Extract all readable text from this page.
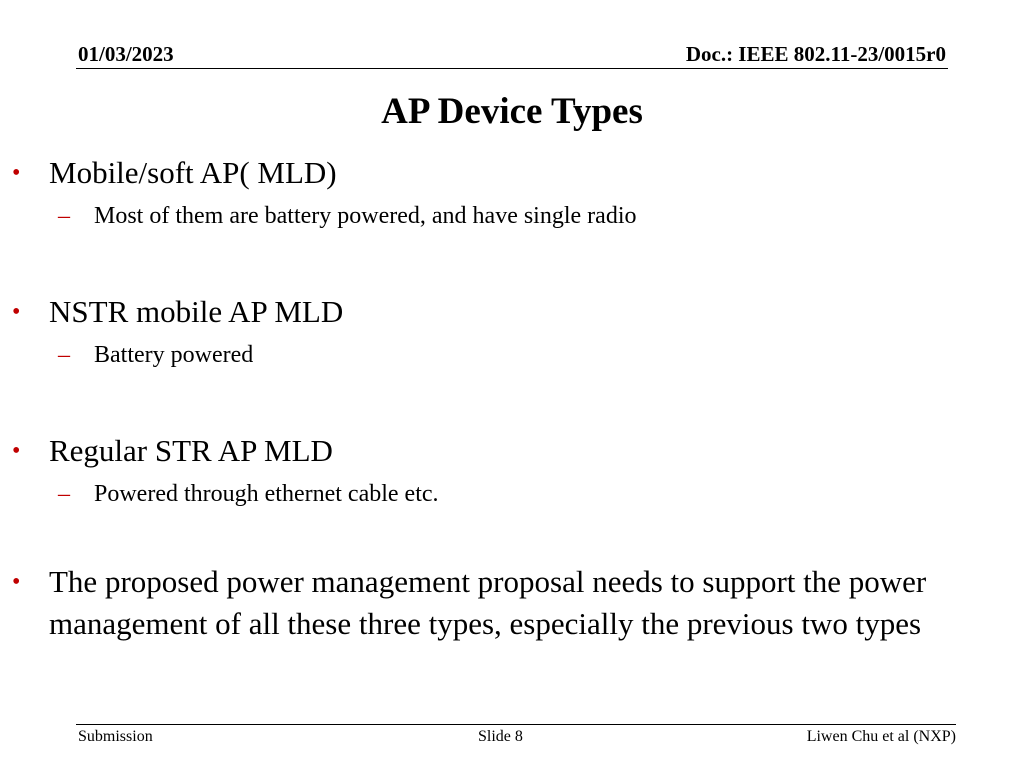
01/03/2023	Doc.: IEEE 802.11-23/0015r0
AP Device Types
• Mobile/soft AP( MLD)
– Most of them are battery powered, and have single radio
• NSTR mobile AP MLD
– Battery powered
• Regular STR AP MLD
– Powered through ethernet cable etc.
• The proposed power management proposal needs to support the power management of all these three types, especially the previous two types
Submission	Slide 8	Liwen Chu et al (NXP)
